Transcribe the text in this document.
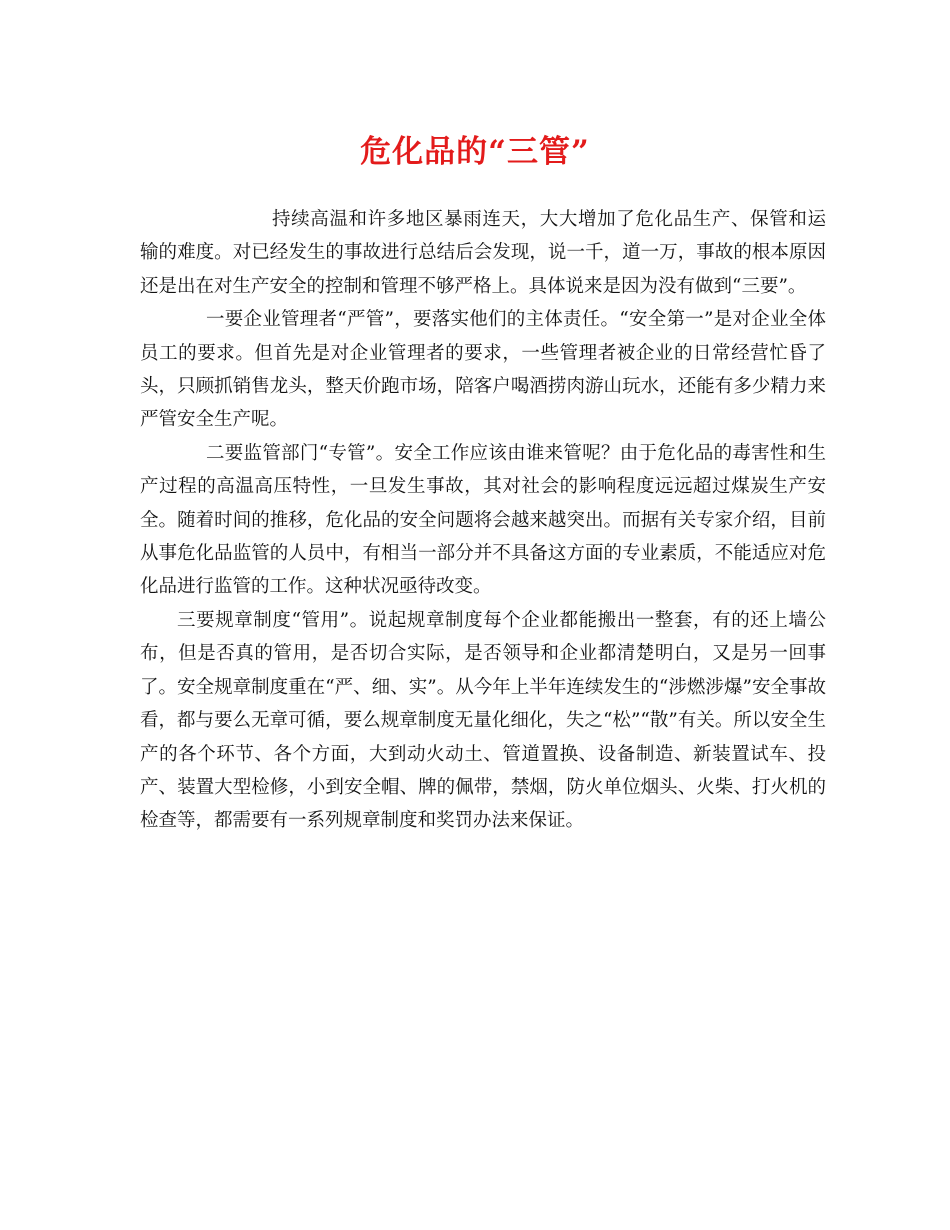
危化品的“三管”

持续高温和许多地区暴雨连天，大大增加了危化品生产、保管和运输的难度。对已经发生的事故进行总结后会发现，说一千，道一万，事故的根本原因还是出在对生产安全的控制和管理不够严格上。具体说来是因为没有做到“三要”。

一要企业管理者“严管”，要落实他们的主体责任。“安全第一”是对企业全体员工的要求。但首先是对企业管理者的要求，一些管理者被企业的日常经营忙昏了头，只顾抓销售龙头，整天价跑市场，陪客户喝酒捞肉游山玩水，还能有多少精力来严管安全生产呢。

二要监管部门“专管”。安全工作应该由谁来管呢？由于危化品的毒害性和生产过程的高温高压特性，一旦发生事故，其对社会的影响程度远远超过煤炭生产安全。随着时间的推移，危化品的安全问题将会越来越突出。而据有关专家介绍，目前从事危化品监管的人员中，有相当一部分并不具备这方面的专业素质，不能适应对危化品进行监管的工作。这种状况亟待改变。

三要规章制度“管用”。说起规章制度每个企业都能搬出一整套，有的还上墙公布，但是否真的管用，是否切合实际，是否领导和企业都清楚明白，又是另一回事了。安全规章制度重在“严、细、实”。从今年上半年连续发生的“涉燃涉爆”安全事故看，都与要么无章可循，要么规章制度无量化细化，失之“松”“散”有关。所以安全生产的各个环节、各个方面，大到动火动土、管道置换、设备制造、新装置试车、投产、装置大型检修，小到安全帽、牌的佩带，禁烟，防火单位烟头、火柴、打火机的检查等，都需要有一系列规章制度和奖罚办法来保证。
